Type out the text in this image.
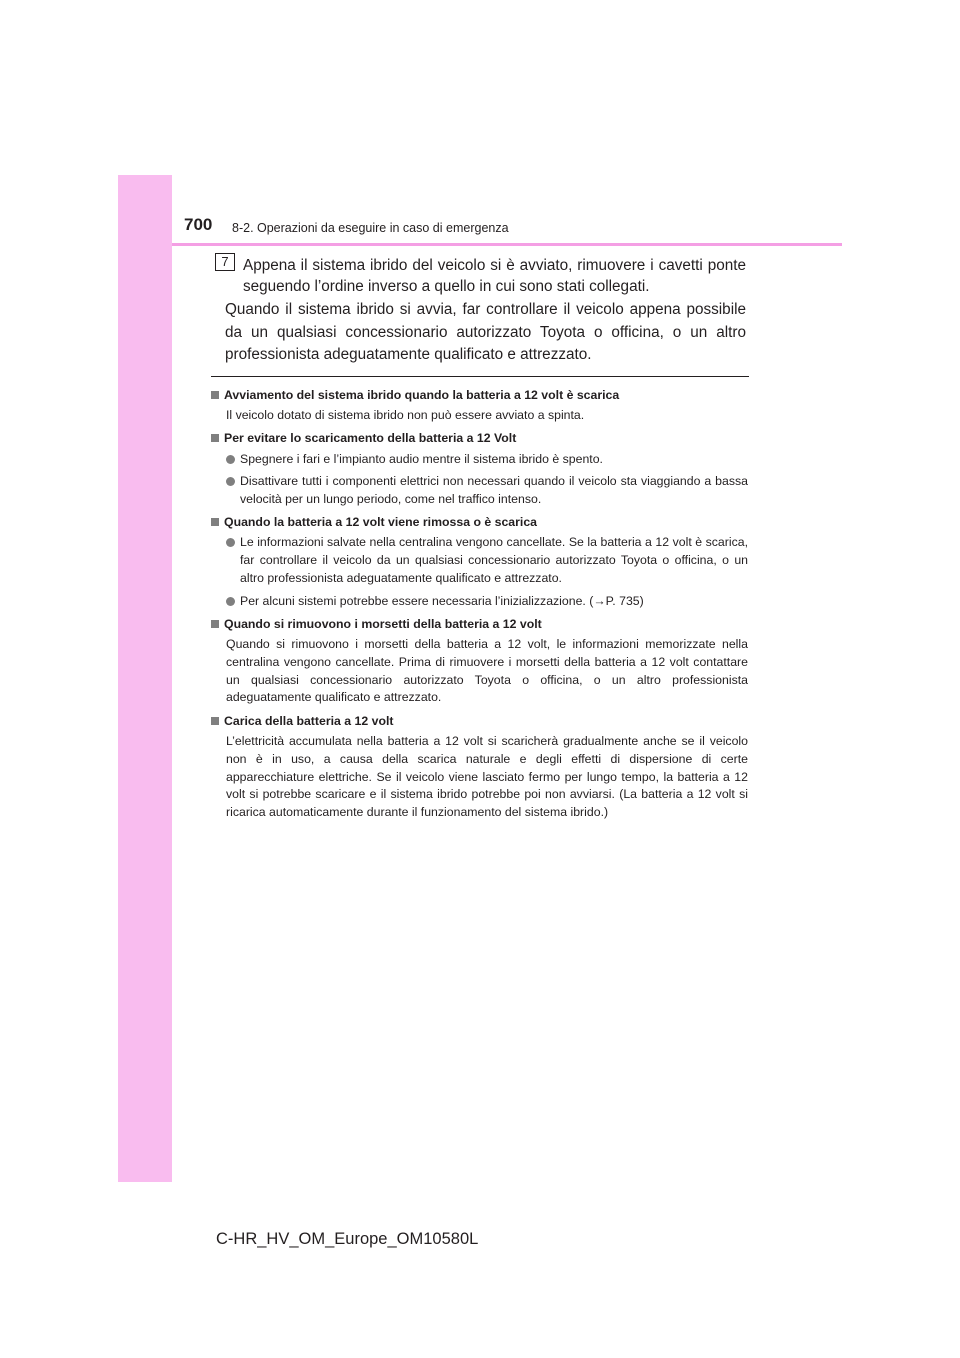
700 8-2. Operazioni da eseguire in caso di emergenza
7 Appena il sistema ibrido del veicolo si è avviato, rimuovere i cavetti ponte seguendo l’ordine inverso a quello in cui sono stati collegati.

Quando il sistema ibrido si avvia, far controllare il veicolo appena possibile da un qualsiasi concessionario autorizzato Toyota o officina, o un altro professionista adeguatamente qualificato e attrezzato.

Avviamento del sistema ibrido quando la batteria a 12 volt è scarica

Il veicolo dotato di sistema ibrido non può essere avviato a spinta.

Per evitare lo scaricamento della batteria a 12 Volt

Spegnere i fari e l’impianto audio mentre il sistema ibrido è spento.
Disattivare tutti i componenti elettrici non necessari quando il veicolo sta viaggiando a bassa velocità per un lungo periodo, come nel traffico intenso.

Quando la batteria a 12 volt viene rimossa o è scarica

Le informazioni salvate nella centralina vengono cancellate. Se la batteria a 12 volt è scarica, far controllare il veicolo da un qualsiasi concessionario autorizzato Toyota o officina, o un altro professionista adeguatamente qualificato e attrezzato.
Per alcuni sistemi potrebbe essere necessaria l’inizializzazione. (→P. 735)

Quando si rimuovono i morsetti della batteria a 12 volt

Quando si rimuovono i morsetti della batteria a 12 volt, le informazioni memorizzate nella centralina vengono cancellate. Prima di rimuovere i morsetti della batteria a 12 volt contattare un qualsiasi concessionario autorizzato Toyota o officina, o un altro professionista adeguatamente qualificato e attrezzato.

Carica della batteria a 12 volt

L’elettricità accumulata nella batteria a 12 volt si scaricherà gradualmente anche se il veicolo non è in uso, a causa della scarica naturale e degli effetti di dispersione di certe apparecchiature elettriche. Se il veicolo viene lasciato fermo per lungo tempo, la batteria a 12 volt si potrebbe scaricare e il sistema ibrido potrebbe poi non avviarsi. (La batteria a 12 volt si ricarica automaticamente durante il funzionamento del sistema ibrido.)

C-HR_HV_OM_Europe_OM10580L
